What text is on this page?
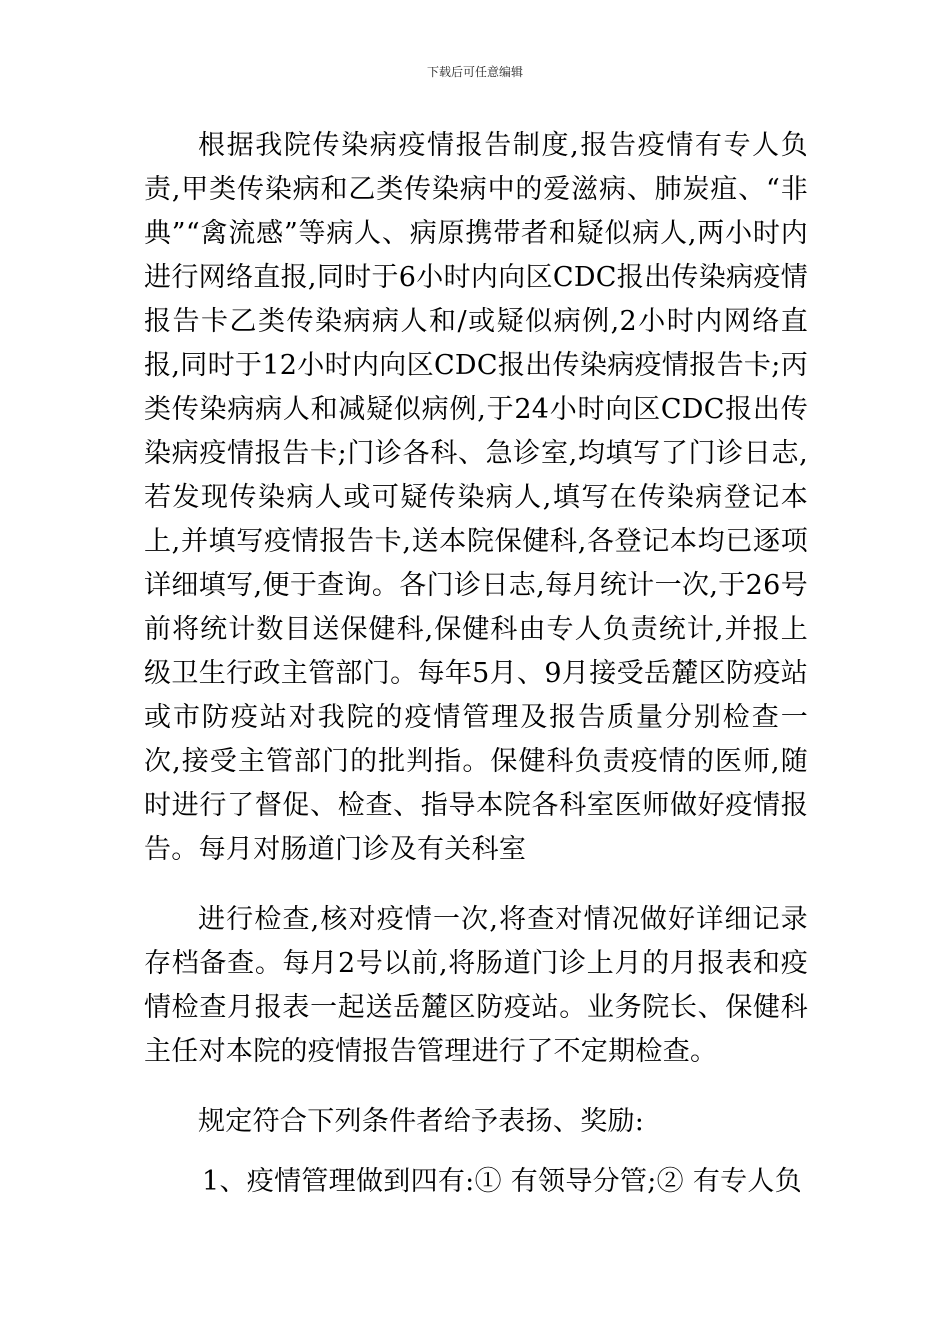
下载后可任意编辑

根据我院传染病疫情报告制度,报告疫情有专人负责,甲类传染病和乙类传染病中的爱滋病、肺炭疽、“非典”“禽流感”等病人、病原携带者和疑似病人,两小时内进行网络直报,同时于6小时内向区CDC报出传染病疫情报告卡乙类传染病病人和/或疑似病例,2小时内网络直报,同时于12小时内向区CDC报出传染病疫情报告卡;丙类传染病病人和减疑似病例,于24小时向区CDC报出传染病疫情报告卡;门诊各科、急诊室,均填写了门诊日志,若发现传染病人或可疑传染病人,填写在传染病登记本上,并填写疫情报告卡,送本院保健科,各登记本均已逐项详细填写,便于查询。各门诊日志,每月统计一次,于26号前将统计数目送保健科,保健科由专人负责统计,并报上级卫生行政主管部门。每年5月、9月接受岳麓区防疫站或市防疫站对我院的疫情管理及报告质量分别检查一次,接受主管部门的批判指。保健科负责疫情的医师,随时进行了督促、检查、指导本院各科室医师做好疫情报告。每月对肠道门诊及有关科室

进行检查,核对疫情一次,将查对情况做好详细记录存档备查。每月2号以前,将肠道门诊上月的月报表和疫情检查月报表一起送岳麓区防疫站。业务院长、保健科主任对本院的疫情报告管理进行了不定期检查。

规定符合下列条件者给予表扬、奖励:

1、疫情管理做到四有:① 有领导分管;② 有专人负
